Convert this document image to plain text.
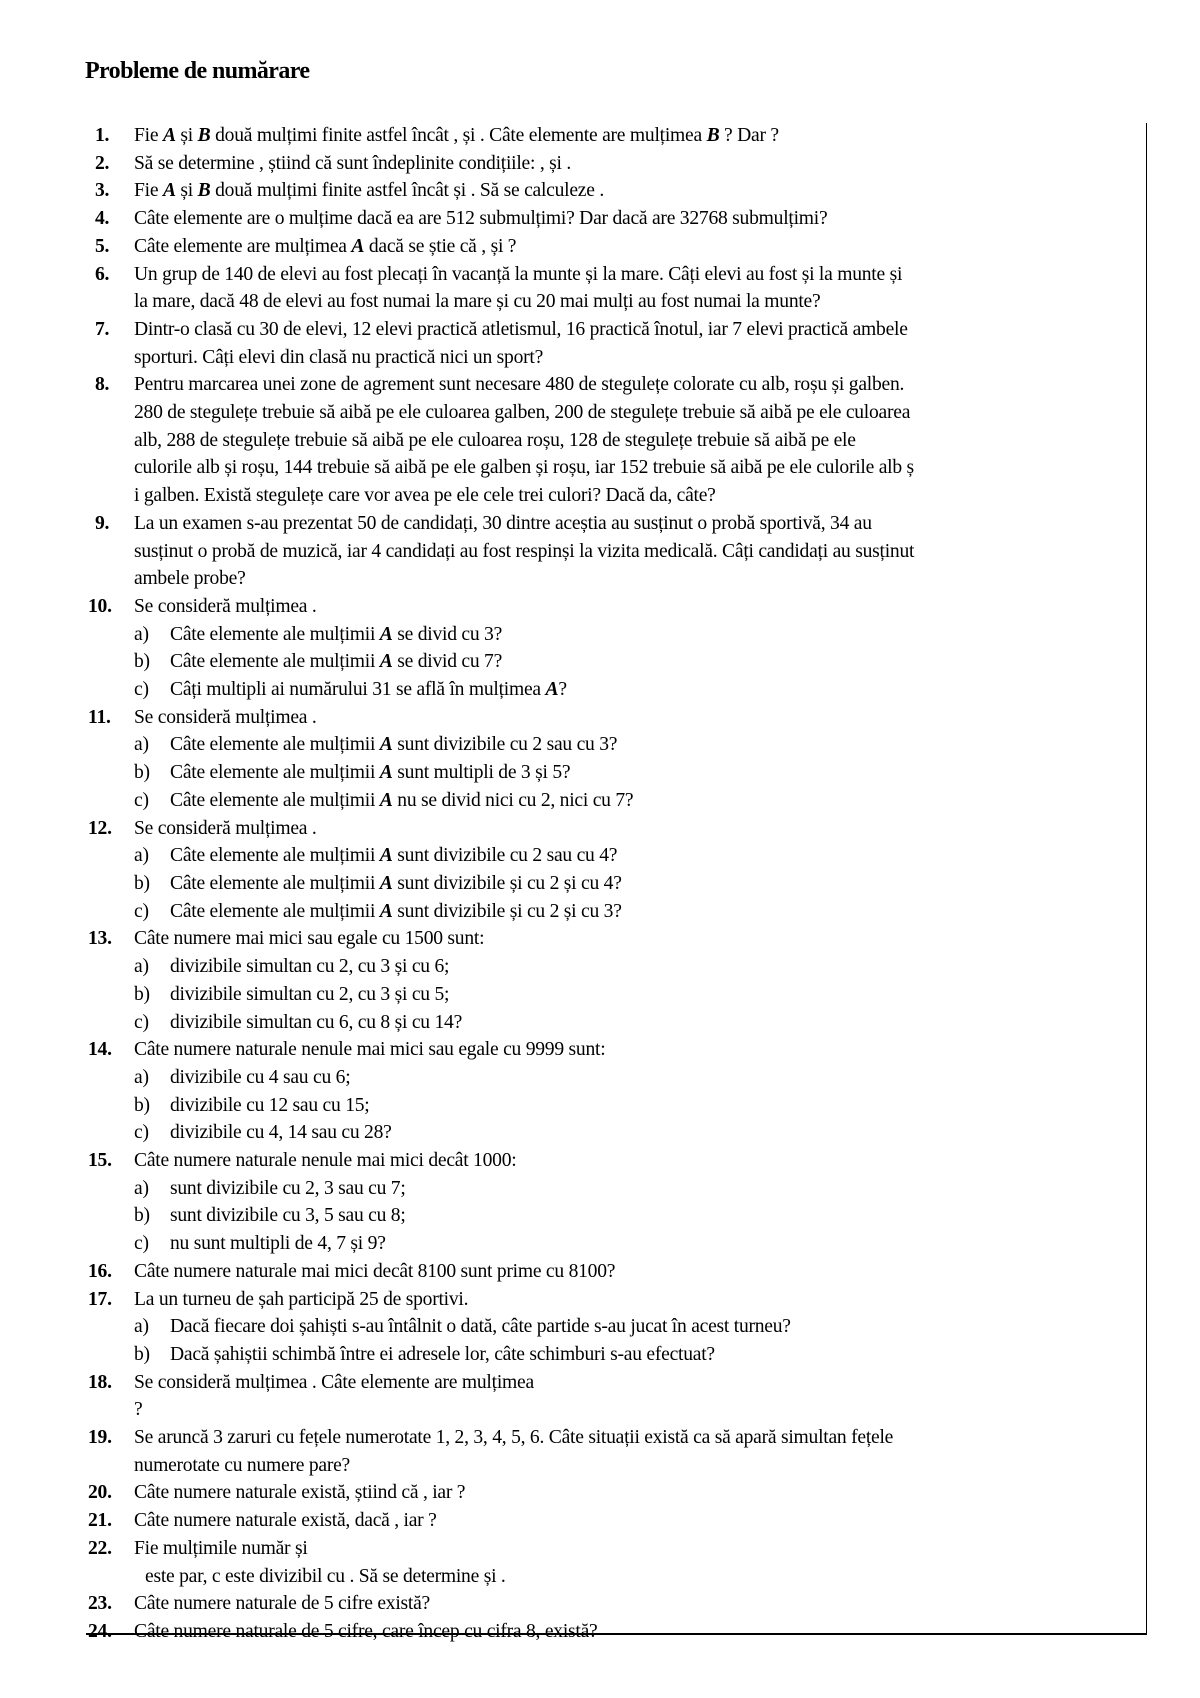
Probleme de numărare
1. Fie A și B două mulțimi finite astfel încât , și . Câte elemente are mulțimea B ? Dar ?
2. Să se determine , știind că sunt îndeplinite condițiile: , și .
3. Fie A și B două mulțimi finite astfel încât și . Să se calculeze .
4. Câte elemente are o mulțime dacă ea are 512 submulțimi? Dar dacă are 32768 submulțimi?
5. Câte elemente are mulțimea A dacă se știe că , și ?
6. Un grup de 140 de elevi au fost plecați în vacanță la munte și la mare. Câți elevi au fost și la munte și
la mare, dacă 48 de elevi au fost numai la mare și cu 20 mai mulți au fost numai la munte?
7. Dintr-o clasă cu 30 de elevi, 12 elevi practică atletismul, 16 practică înotul, iar 7 elevi practică ambele
sporturi. Câți elevi din clasă nu practică nici un sport?
8. Pentru marcarea unei zone de agrement sunt necesare 480 de stegulețe colorate cu alb, roșu și galben.
280 de stegulețe trebuie să aibă pe ele culoarea galben, 200 de stegulețe trebuie să aibă pe ele culoarea
alb, 288 de stegulețe trebuie să aibă pe ele culoarea roșu, 128 de stegulețe trebuie să aibă pe ele
culorile alb și roșu, 144 trebuie să aibă pe ele galben și roșu, iar 152 trebuie să aibă pe ele culorile alb ș
i galben. Există stegulețe care vor avea pe ele cele trei culori? Dacă da, câte?
9. La un examen s-au prezentat 50 de candidați, 30 dintre aceștia au susținut o probă sportivă, 34 au
susținut o probă de muzică, iar 4 candidați au fost respinși la vizita medicală. Câți candidați au susținut
ambele probe?
10. Se consideră mulțimea .
a) Câte elemente ale mulțimii A se divid cu 3?
b) Câte elemente ale mulțimii A se divid cu 7?
c) Câți multipli ai numărului 31 se află în mulțimea A?
11. Se consideră mulțimea .
a) Câte elemente ale mulțimii A sunt divizibile cu 2 sau cu 3?
b) Câte elemente ale mulțimii A sunt multipli de 3 și 5?
c) Câte elemente ale mulțimii A nu se divid nici cu 2, nici cu 7?
12. Se consideră mulțimea .
a) Câte elemente ale mulțimii A sunt divizibile cu 2 sau cu 4?
b) Câte elemente ale mulțimii A sunt divizibile și cu 2 și cu 4?
c) Câte elemente ale mulțimii A sunt divizibile și cu 2 și cu 3?
13. Câte numere mai mici sau egale cu 1500 sunt:
a) divizibile simultan cu 2, cu 3 și cu 6;
b) divizibile simultan cu 2, cu 3 și cu 5;
c) divizibile simultan cu 6, cu 8 și cu 14?
14. Câte numere naturale nenule mai mici sau egale cu 9999 sunt:
a) divizibile cu 4 sau cu 6;
b) divizibile cu 12 sau cu 15;
c) divizibile cu 4, 14 sau cu 28?
15. Câte numere naturale nenule mai mici decât 1000:
a) sunt divizibile cu 2, 3 sau cu 7;
b) sunt divizibile cu 3, 5 sau cu 8;
c) nu sunt multipli de 4, 7 și 9?
16. Câte numere naturale mai mici decât 8100 sunt prime cu 8100?
17. La un turneu de șah participă 25 de sportivi.
a) Dacă fiecare doi șahiști s-au întâlnit o dată, câte partide s-au jucat în acest turneu?
b) Dacă șahiștii schimbă între ei adresele lor, câte schimburi s-au efectuat?
18. Se consideră mulțimea . Câte elemente are mulțimea
?
19. Se aruncă 3 zaruri cu fețele numerotate 1, 2, 3, 4, 5, 6. Câte situații există ca să apară simultan fețele
numerotate cu numere pare?
20. Câte numere naturale există, știind că , iar ?
21. Câte numere naturale există, dacă , iar ?
22. Fie mulțimile număr și
este par, c este divizibil cu . Să se determine și .
23. Câte numere naturale de 5 cifre există?
24. Câte numere naturale de 5 cifre, care încep cu cifra 8, există?
